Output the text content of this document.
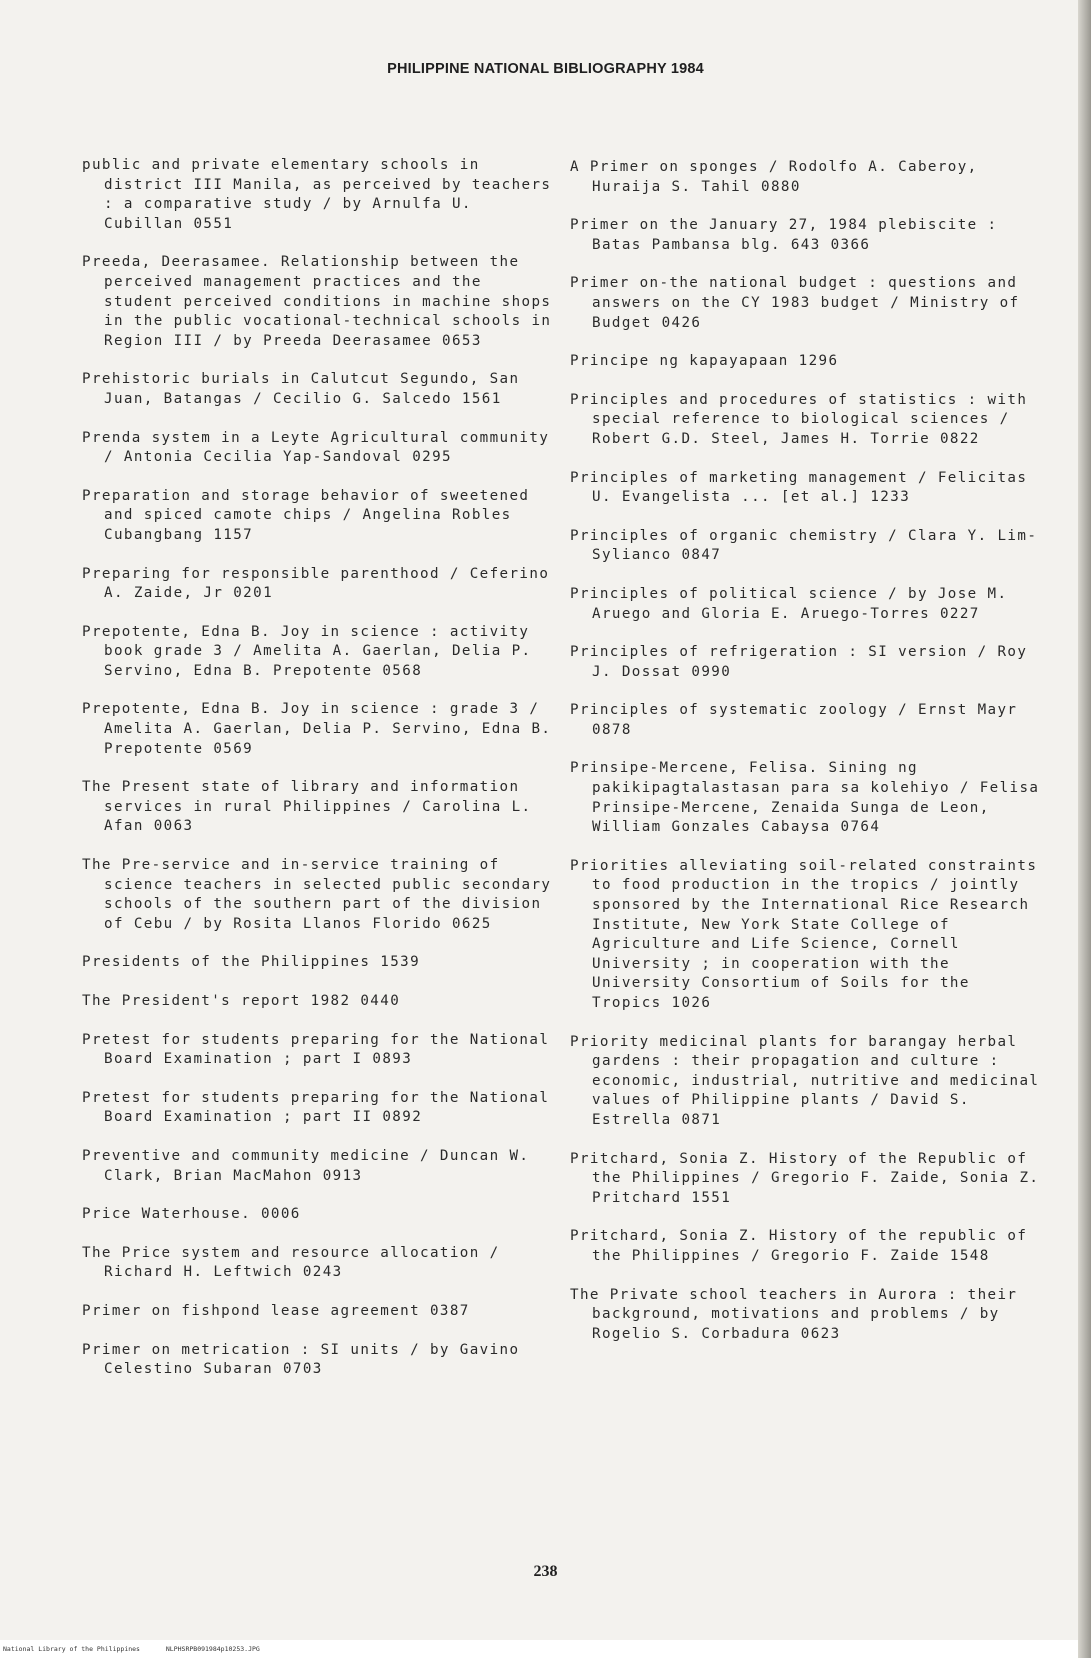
PHILIPPINE NATIONAL BIBLIOGRAPHY 1984
public and private elementary schools in district III Manila, as perceived by teachers : a comparative study / by Arnulfa U. Cubillan 0551
Preeda, Deerasamee. Relationship between the perceived management practices and the student perceived conditions in machine shops in the public vocational-technical schools in Region III / by Preeda Deerasamee 0653
Prehistoric burials in Calutcut Segundo, San Juan, Batangas / Cecilio G. Salcedo 1561
Prenda system in a Leyte Agricultural community / Antonia Cecilia Yap-Sandoval 0295
Preparation and storage behavior of sweetened and spiced camote chips / Angelina Robles Cubangbang 1157
Preparing for responsible parenthood / Ceferino A. Zaide, Jr 0201
Prepotente, Edna B. Joy in science : activity book grade 3 / Amelita A. Gaerlan, Delia P. Servino, Edna B. Prepotente 0568
Prepotente, Edna B. Joy in science : grade 3 / Amelita A. Gaerlan, Delia P. Servino, Edna B. Prepotente 0569
The Present state of library and information services in rural Philippines / Carolina L. Afan 0063
The Pre-service and in-service training of science teachers in selected public secondary schools of the southern part of the division of Cebu / by Rosita Llanos Florido 0625
Presidents of the Philippines 1539
The President's report 1982 0440
Pretest for students preparing for the National Board Examination ; part I 0893
Pretest for students preparing for the National Board Examination ; part II 0892
Preventive and community medicine / Duncan W. Clark, Brian MacMahon 0913
Price Waterhouse. 0006
The Price system and resource allocation / Richard H. Leftwich 0243
Primer on fishpond lease agreement 0387
Primer on metrication : SI units / by Gavino Celestino Subaran 0703
A Primer on sponges / Rodolfo A. Caberoy, Huraija S. Tahil 0880
Primer on the January 27, 1984 plebiscite : Batas Pambansa blg. 643 0366
Primer on-the national budget : questions and answers on the CY 1983 budget / Ministry of Budget 0426
Principe ng kapayapaan 1296
Principles and procedures of statistics : with special reference to biological sciences / Robert G.D. Steel, James H. Torrie 0822
Principles of marketing management / Felicitas U. Evangelista ... [et al.] 1233
Principles of organic chemistry / Clara Y. Lim-Sylianco 0847
Principles of political science / by Jose M. Aruego and Gloria E. Aruego-Torres 0227
Principles of refrigeration : SI version / Roy J. Dossat 0990
Principles of systematic zoology / Ernst Mayr 0878
Prinsipe-Mercene, Felisa. Sining ng pakikipagtalastasan para sa kolehiyo / Felisa Prinsipe-Mercene, Zenaida Sunga de Leon, William Gonzales Cabaysa 0764
Priorities alleviating soil-related constraints to food production in the tropics / jointly sponsored by the International Rice Research Institute, New York State College of Agriculture and Life Science, Cornell University ; in cooperation with the University Consortium of Soils for the Tropics 1026
Priority medicinal plants for barangay herbal gardens : their propagation and culture : economic, industrial, nutritive and medicinal values of Philippine plants / David S. Estrella 0871
Pritchard, Sonia Z. History of the Republic of the Philippines / Gregorio F. Zaide, Sonia Z. Pritchard 1551
Pritchard, Sonia Z. History of the republic of the Philippines / Gregorio F. Zaide 1548
The Private school teachers in Aurora : their background, motivations and problems / by Rogelio S. Corbadura 0623
238
National Library of the Philippines	NLPHSRPB091984p10253.JPG
